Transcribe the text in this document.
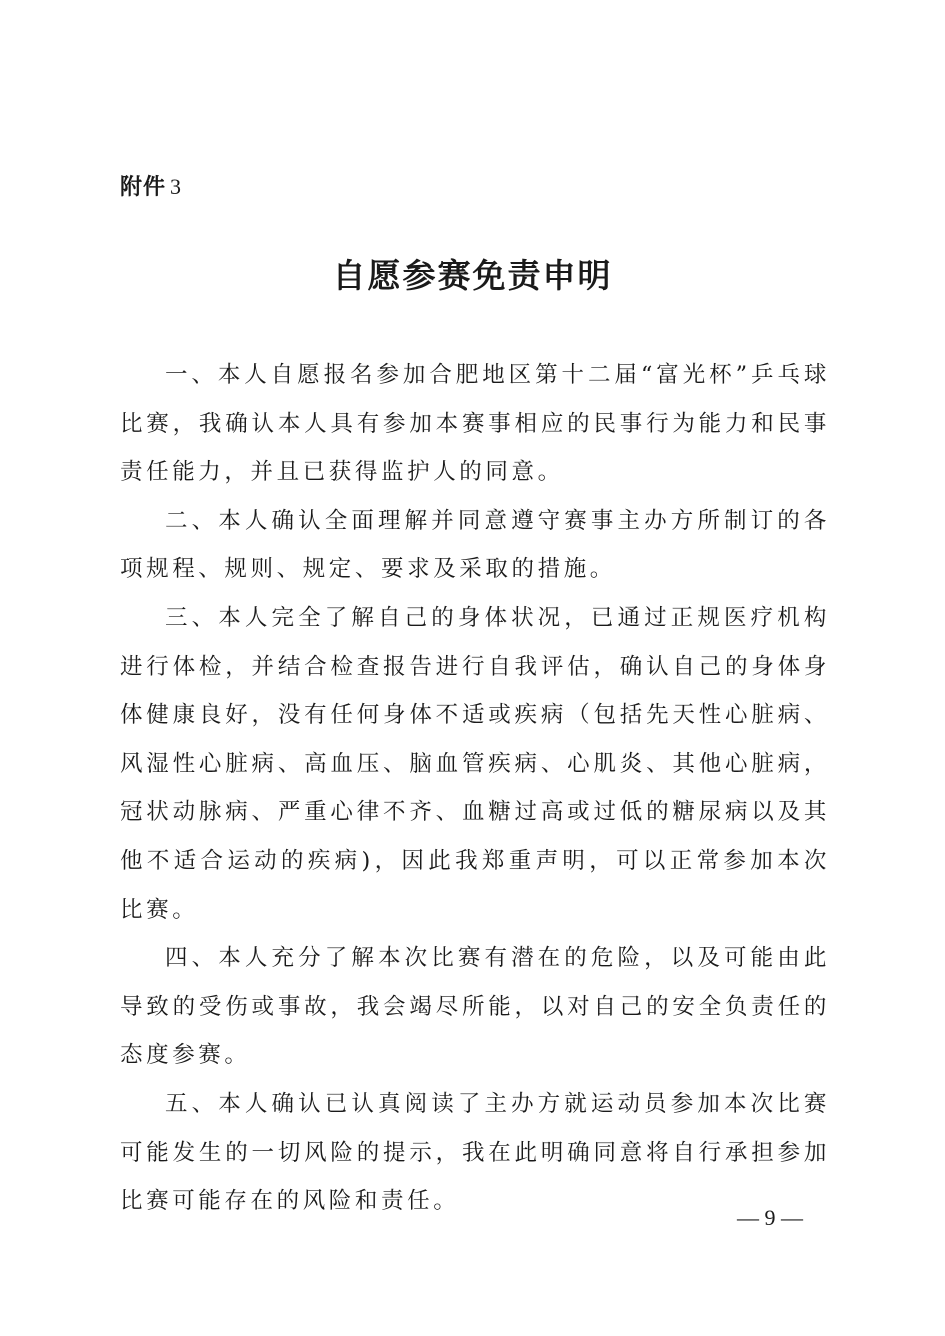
附件 3
自愿参赛免责申明

一、本人自愿报名参加合肥地区第十二届“富光杯”乒乓球比赛，我确认本人具有参加本赛事相应的民事行为能力和民事责任能力，并且已获得监护人的同意。

二、本人确认全面理解并同意遵守赛事主办方所制订的各项规程、规则、规定、要求及采取的措施。

三、本人完全了解自己的身体状况，已通过正规医疗机构进行体检，并结合检查报告进行自我评估，确认自己的身体身体健康良好，没有任何身体不适或疾病（包括先天性心脏病、风湿性心脏病、高血压、脑血管疾病、心肌炎、其他心脏病，冠状动脉病、严重心律不齐、血糖过高或过低的糖尿病以及其他不适合运动的疾病)，因此我郑重声明，可以正常参加本次比赛。

四、本人充分了解本次比赛有潜在的危险，以及可能由此导致的受伤或事故，我会竭尽所能，以对自己的安全负责任的态度参赛。

五、本人确认已认真阅读了主办方就运动员参加本次比赛可能发生的一切风险的提示，我在此明确同意将自行承担参加比赛可能存在的风险和责任。

— 9 —
